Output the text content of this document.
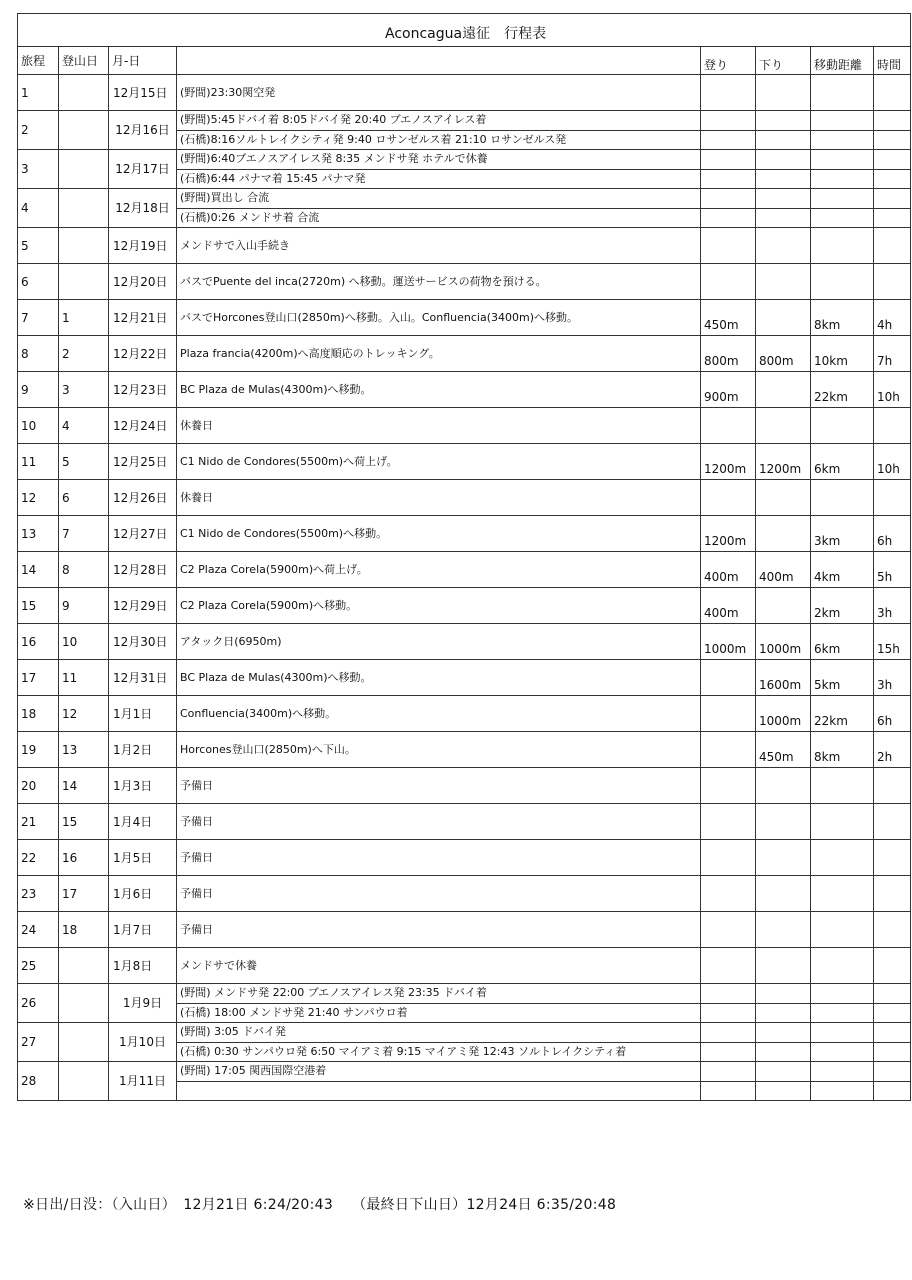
Aconcagua遠征　行程表							
旅程	登山日	月-日		登り	下り	移動距離	時間
1		12月15日	(野間)23:30関空発				
2		12月16日	(野間)5:45ドバイ着 8:05ドバイ発 20:40 ブエノスアイレス着				
			(石橋)8:16ソルトレイクシティ発 9:40 ロサンゼルス着 21:10 ロサンゼルス発				
3		12月17日	(野間)6:40ブエノスアイレス発 8:35 メンドサ発 ホテルで休養				
			(石橋)6:44 パナマ着 15:45 パナマ発				
4		12月18日	(野間)買出し 合流				
			(石橋)0:26 メンドサ着 合流				
5		12月19日	メンドサで入山手続き				
6		12月20日	バスでPuente del inca(2720m) へ移動。運送サービスの荷物を預ける。				
7	1	12月21日	バスでHorcones登山口(2850m)へ移動。入山。Confluencia(3400m)へ移動。	450m		8km	4h
8	2	12月22日	Plaza francia(4200m)へ高度順応のトレッキング。	800m	800m	10km	7h
9	3	12月23日	BC Plaza de Mulas(4300m)へ移動。	900m		22km	10h
10	4	12月24日	休養日				
11	5	12月25日	C1 Nido de Condores(5500m)へ荷上げ。	1200m	1200m	6km	10h
12	6	12月26日	休養日				
13	7	12月27日	C1 Nido de Condores(5500m)へ移動。	1200m		3km	6h
14	8	12月28日	C2 Plaza Corela(5900m)へ荷上げ。	400m	400m	4km	5h
15	9	12月29日	C2 Plaza Corela(5900m)へ移動。	400m		2km	3h
16	10	12月30日	アタック日(6950m)	1000m	1000m	6km	15h
17	11	12月31日	BC Plaza de Mulas(4300m)へ移動。		1600m	5km	3h
18	12	1月1日	Confluencia(3400m)へ移動。		1000m	22km	6h
19	13	1月2日	Horcones登山口(2850m)へ下山。		450m	8km	2h
20	14	1月3日	予備日				
21	15	1月4日	予備日				
22	16	1月5日	予備日				
23	17	1月6日	予備日				
24	18	1月7日	予備日				
25		1月8日	メンドサで休養				
26		1月9日	(野間) メンドサ発 22:00 ブエノスアイレス発 23:35 ドバイ着				
			(石橋) 18:00 メンドサ発 21:40 サンパウロ着				
27		1月10日	(野間) 3:05 ドバイ発				
			(石橋) 0:30 サンパウロ発 6:50 マイアミ着 9:15 マイアミ発 12:43 ソルトレイクシティ着				
28		1月11日	(野間) 17:05 関西国際空港着				

※日出/日没：（入山日）　12月21日 6:24/20:43　 （最終日下山日）12月24日 6:35/20:48
